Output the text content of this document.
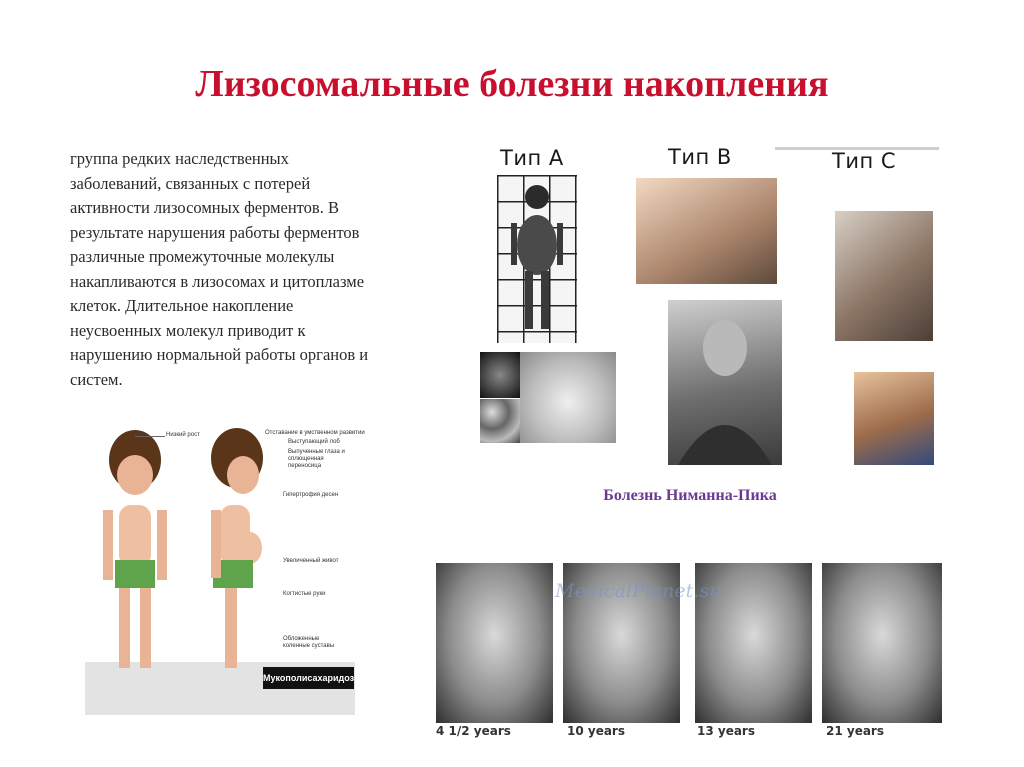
Лизосомальные болезни накопления
группа редких наследственных
заболеваний, связанных с потерей
активности лизосомных ферментов. В
результате нарушения работы ферментов
различные промежуточные молекулы
накапливаются в лизосомах и цитоплазме
клеток. Длительное накопление
неусвоенных молекул приводит к
нарушению нормальной работы органов и
систем.
Тип А	Тип В	Тип С
Болезнь Ниманна-Пика
Низкий рост	Отставание в умственном развитии
Выступающий лоб
Выпученные глаза и сплющенная переносица
Гипертрофия десен
Увеличенный живот
Когтистые руки
Обложенные коленные суставы
Мукополисахаридоз
MedicalPlanet.su
4 1/2 years	10 years	13 years	21 years
